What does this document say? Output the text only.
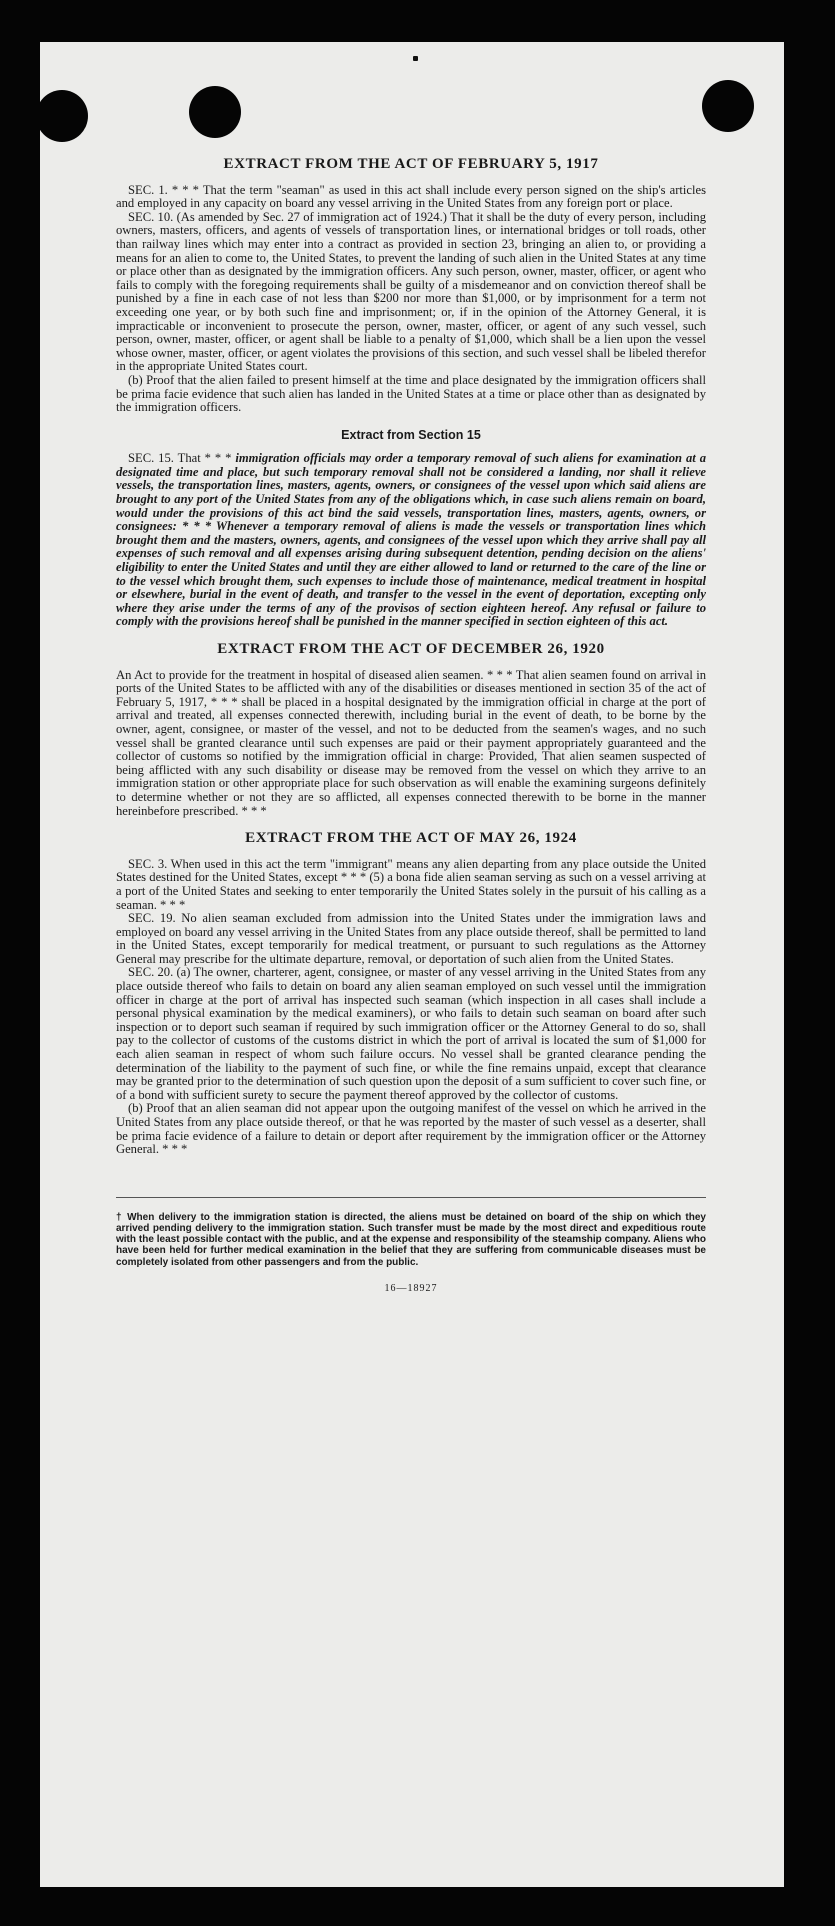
EXTRACT FROM THE ACT OF FEBRUARY 5, 1917

SEC. 1. * * * That the term "seaman" as used in this act shall include every person signed on the ship's articles and employed in any capacity on board any vessel arriving in the United States from any foreign port or place.

SEC. 10. (As amended by Sec. 27 of immigration act of 1924.) That it shall be the duty of every person, including owners, masters, officers, and agents of vessels of transportation lines, or international bridges or toll roads, other than railway lines which may enter into a contract as provided in section 23, bringing an alien to, or providing a means for an alien to come to, the United States, to prevent the landing of such alien in the United States at any time or place other than as designated by the immigration officers. Any such person, owner, master, officer, or agent who fails to comply with the foregoing requirements shall be guilty of a misdemeanor and on conviction thereof shall be punished by a fine in each case of not less than $200 nor more than $1,000, or by imprisonment for a term not exceeding one year, or by both such fine and imprisonment; or, if in the opinion of the Attorney General, it is impracticable or inconvenient to prosecute the person, owner, master, officer, or agent of any such vessel, such person, owner, master, officer, or agent shall be liable to a penalty of $1,000, which shall be a lien upon the vessel whose owner, master, officer, or agent violates the provisions of this section, and such vessel shall be libeled therefor in the appropriate United States court.

(b) Proof that the alien failed to present himself at the time and place designated by the immigration officers shall be prima facie evidence that such alien has landed in the United States at a time or place other than as designated by the immigration officers.

Extract from Section 15

SEC. 15. That * * * immigration officials may order a temporary removal of such aliens for examination at a designated time and place, but such temporary removal shall not be considered a landing, nor shall it relieve vessels, the transportation lines, masters, agents, owners, or consignees of the vessel upon which said aliens are brought to any port of the United States from any of the obligations which, in case such aliens remain on board, would under the provisions of this act bind the said vessels, transportation lines, masters, agents, owners, or consignees: * * * Whenever a temporary removal of aliens is made the vessels or transportation lines which brought them and the masters, owners, agents, and consignees of the vessel upon which they arrive shall pay all expenses of such removal and all expenses arising during subsequent detention, pending decision on the aliens' eligibility to enter the United States and until they are either allowed to land or returned to the care of the line or to the vessel which brought them, such expenses to include those of maintenance, medical treatment in hospital or elsewhere, burial in the event of death, and transfer to the vessel in the event of deportation, excepting only where they arise under the terms of any of the provisos of section eighteen hereof. Any refusal or failure to comply with the provisions hereof shall be punished in the manner specified in section eighteen of this act.

EXTRACT FROM THE ACT OF DECEMBER 26, 1920

An Act to provide for the treatment in hospital of diseased alien seamen. * * * That alien seamen found on arrival in ports of the United States to be afflicted with any of the disabilities or diseases mentioned in section 35 of the act of February 5, 1917, * * * shall be placed in a hospital designated by the immigration official in charge at the port of arrival and treated, all expenses connected therewith, including burial in the event of death, to be borne by the owner, agent, consignee, or master of the vessel, and not to be deducted from the seamen's wages, and no such vessel shall be granted clearance until such expenses are paid or their payment appropriately guaranteed and the collector of customs so notified by the immigration official in charge: Provided, That alien seamen suspected of being afflicted with any such disability or disease may be removed from the vessel on which they arrive to an immigration station or other appropriate place for such observation as will enable the examining surgeons definitely to determine whether or not they are so afflicted, all expenses connected therewith to be borne in the manner hereinbefore prescribed. * * *

EXTRACT FROM THE ACT OF MAY 26, 1924

SEC. 3. When used in this act the term "immigrant" means any alien departing from any place outside the United States destined for the United States, except * * * (5) a bona fide alien seaman serving as such on a vessel arriving at a port of the United States and seeking to enter temporarily the United States solely in the pursuit of his calling as a seaman. * * *

SEC. 19. No alien seaman excluded from admission into the United States under the immigration laws and employed on board any vessel arriving in the United States from any place outside thereof, shall be permitted to land in the United States, except temporarily for medical treatment, or pursuant to such regulations as the Attorney General may prescribe for the ultimate departure, removal, or deportation of such alien from the United States.

SEC. 20. (a) The owner, charterer, agent, consignee, or master of any vessel arriving in the United States from any place outside thereof who fails to detain on board any alien seaman employed on such vessel until the immigration officer in charge at the port of arrival has inspected such seaman (which inspection in all cases shall include a personal physical examination by the medical examiners), or who fails to detain such seaman on board after such inspection or to deport such seaman if required by such immigration officer or the Attorney General to do so, shall pay to the collector of customs of the customs district in which the port of arrival is located the sum of $1,000 for each alien seaman in respect of whom such failure occurs. No vessel shall be granted clearance pending the determination of the liability to the payment of such fine, or while the fine remains unpaid, except that clearance may be granted prior to the determination of such question upon the deposit of a sum sufficient to cover such fine, or of a bond with sufficient surety to secure the payment thereof approved by the collector of customs.

(b) Proof that an alien seaman did not appear upon the outgoing manifest of the vessel on which he arrived in the United States from any place outside thereof, or that he was reported by the master of such vessel as a deserter, shall be prima facie evidence of a failure to detain or deport after requirement by the immigration officer or the Attorney General. * * *

† When delivery to the immigration station is directed, the aliens must be detained on board of the ship on which they arrived pending delivery to the immigration station. Such transfer must be made by the most direct and expeditious route with the least possible contact with the public, and at the expense and responsibility of the steamship company. Aliens who have been held for further medical examination in the belief that they are suffering from communicable diseases must be completely isolated from other passengers and from the public.

16—18927
